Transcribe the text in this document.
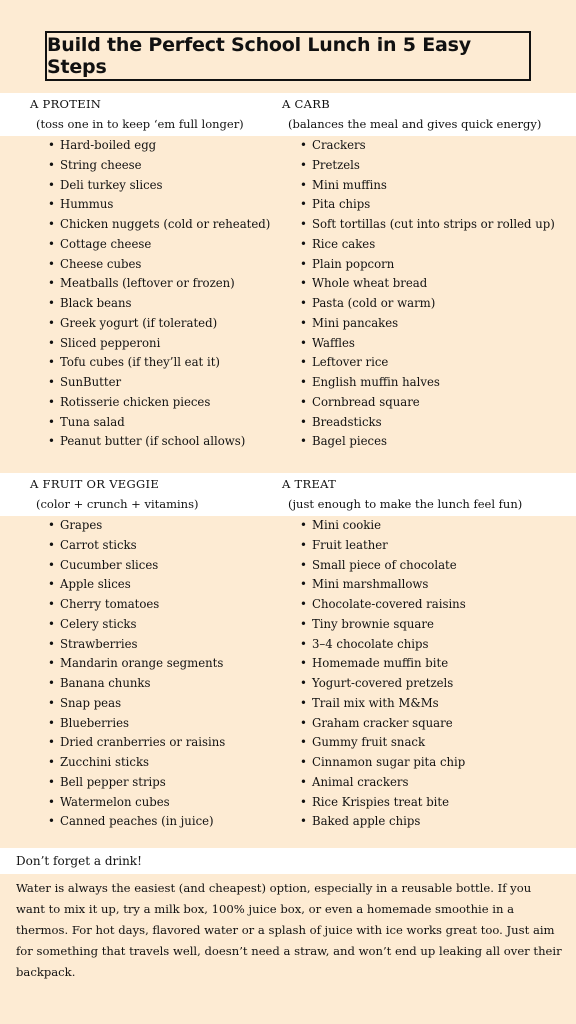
Build the Perfect School Lunch in 5 Easy Steps
A PROTEIN
(toss one in to keep ‘em full longer)
• Hard-boiled egg
• String cheese
• Deli turkey slices
• Hummus
• Chicken nuggets (cold or reheated)
• Cottage cheese
• Cheese cubes
• Meatballs (leftover or frozen)
• Black beans
• Greek yogurt (if tolerated)
• Sliced pepperoni
• Tofu cubes (if they’ll eat it)
• SunButter
• Rotisserie chicken pieces
• Tuna salad
• Peanut butter (if school allows)
A CARB
(balances the meal and gives quick energy)
• Crackers
• Pretzels
• Mini muffins
• Pita chips
• Soft tortillas (cut into strips or rolled up)
• Rice cakes
• Plain popcorn
• Whole wheat bread
• Pasta (cold or warm)
• Mini pancakes
• Waffles
• Leftover rice
• English muffin halves
• Cornbread square
• Breadsticks
• Bagel pieces
A FRUIT OR VEGGIE
(color + crunch + vitamins)
• Grapes
• Carrot sticks
• Cucumber slices
• Apple slices
• Cherry tomatoes
• Celery sticks
• Strawberries
• Mandarin orange segments
• Banana chunks
• Snap peas
• Blueberries
• Dried cranberries or raisins
• Zucchini sticks
• Bell pepper strips
• Watermelon cubes
• Canned peaches (in juice)
A TREAT
(just enough to make the lunch feel fun)
• Mini cookie
• Fruit leather
• Small piece of chocolate
• Mini marshmallows
• Chocolate-covered raisins
• Tiny brownie square
• 3–4 chocolate chips
• Homemade muffin bite
• Yogurt-covered pretzels
• Trail mix with M&Ms
• Graham cracker square
• Gummy fruit snack
• Cinnamon sugar pita chip
• Animal crackers
• Rice Krispies treat bite
• Baked apple chips
Don’t forget a drink!
Water is always the easiest (and cheapest) option, especially in a reusable bottle. If you want to mix it up, try a milk box, 100% juice box, or even a homemade smoothie in a thermos. For hot days, flavored water or a splash of juice with ice works great too. Just aim for something that travels well, doesn’t need a straw, and won’t end up leaking all over their backpack.
